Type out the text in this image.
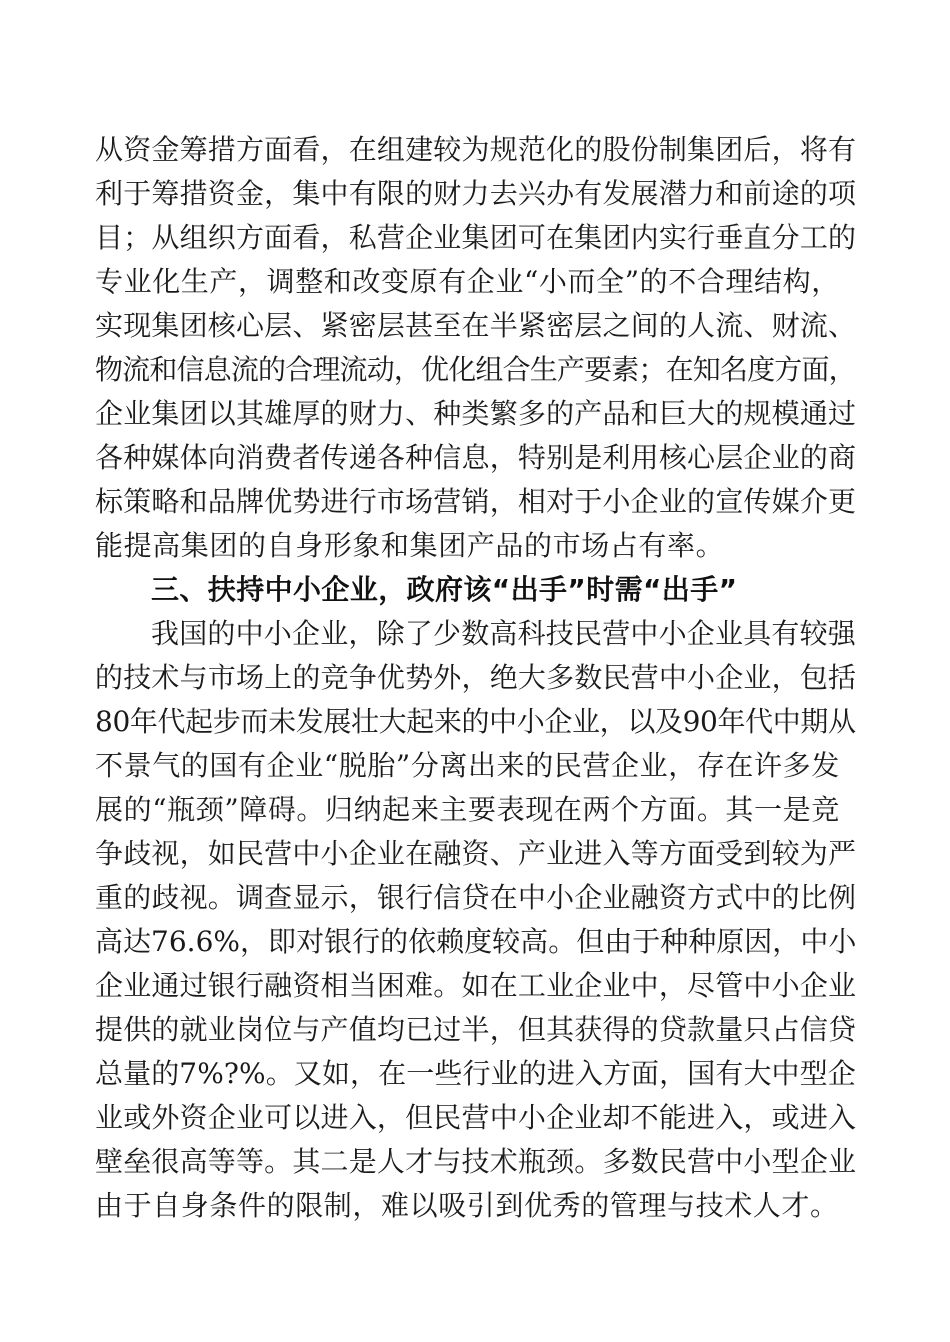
从资金筹措方面看，在组建较为规范化的股份制集团后，将有
利于筹措资金，集中有限的财力去兴办有发展潜力和前途的项
目；从组织方面看，私营企业集团可在集团内实行垂直分工的
专业化生产，调整和改变原有企业“小而全”的不合理结构，
实现集团核心层、紧密层甚至在半紧密层之间的人流、财流、
物流和信息流的合理流动，优化组合生产要素；在知名度方面，
企业集团以其雄厚的财力、种类繁多的产品和巨大的规模通过
各种媒体向消费者传递各种信息，特别是利用核心层企业的商
标策略和品牌优势进行市场营销，相对于小企业的宣传媒介更
能提高集团的自身形象和集团产品的市场占有率。
三、扶持中小企业，政府该“出手”时需“出手”
我国的中小企业，除了少数高科技民营中小企业具有较强
的技术与市场上的竞争优势外，绝大多数民营中小企业，包括
80年代起步而未发展壮大起来的中小企业，以及90年代中期从
不景气的国有企业“脱胎”分离出来的民营企业，存在许多发
展的“瓶颈”障碍。归纳起来主要表现在两个方面。其一是竞
争歧视，如民营中小企业在融资、产业进入等方面受到较为严
重的歧视。调查显示，银行信贷在中小企业融资方式中的比例
高达76.6%，即对银行的依赖度较高。但由于种种原因，中小
企业通过银行融资相当困难。如在工业企业中，尽管中小企业
提供的就业岗位与产值均已过半，但其获得的贷款量只占信贷
总量的7%?%。又如，在一些行业的进入方面，国有大中型企
业或外资企业可以进入，但民营中小企业却不能进入，或进入
壁垒很高等等。其二是人才与技术瓶颈。多数民营中小型企业
由于自身条件的限制，难以吸引到优秀的管理与技术人才。
